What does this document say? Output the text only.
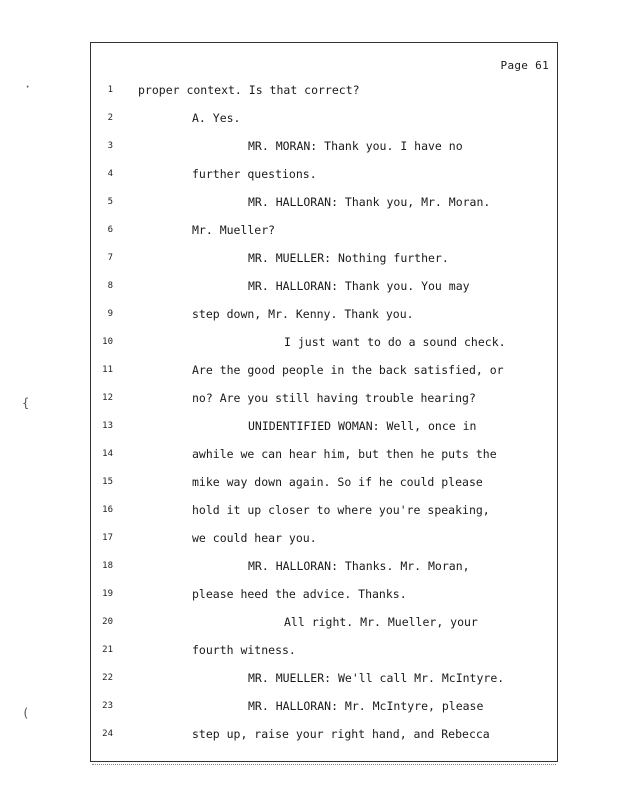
Page 61
1 proper context. Is that correct?
2	A. Yes.
3	MR. MORAN: Thank you. I have no
4	further questions.
5	MR. HALLORAN: Thank you, Mr. Moran.
6	Mr. Mueller?
7	MR. MUELLER: Nothing further.
8	MR. HALLORAN: Thank you. You may
9	step down, Mr. Kenny. Thank you.
10	I just want to do a sound check.
11	Are the good people in the back satisfied, or
12	no? Are you still having trouble hearing?
13	UNIDENTIFIED WOMAN: Well, once in
14	awhile we can hear him, but then he puts the
15	mike way down again. So if he could please
16	hold it up closer to where you're speaking,
17	we could hear you.
18	MR. HALLORAN: Thanks. Mr. Moran,
19	please heed the advice. Thanks.
20	All right. Mr. Mueller, your
21	fourth witness.
22	MR. MUELLER: We'll call Mr. McIntyre.
23	MR. HALLORAN: Mr. McIntyre, please
24	step up, raise your right hand, and Rebecca
·
{
(
